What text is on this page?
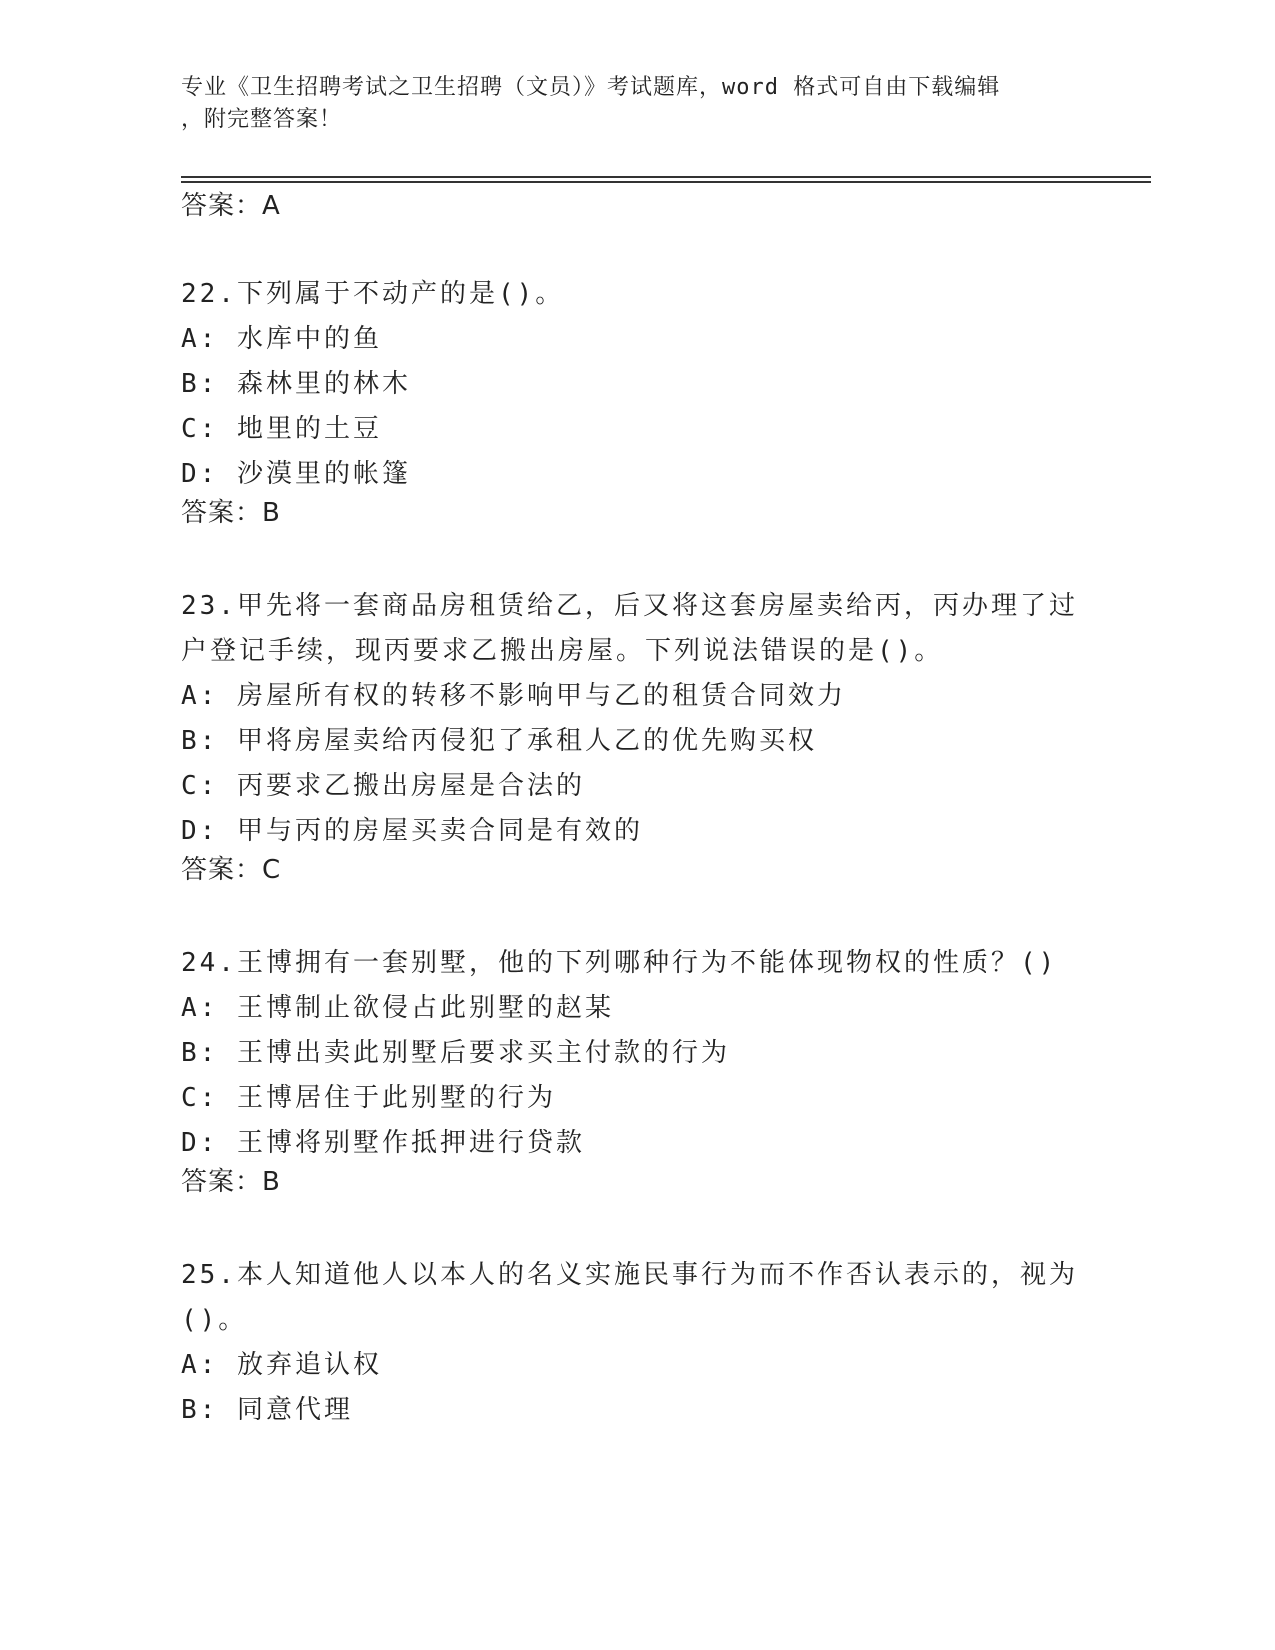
专业《卫生招聘考试之卫生招聘（文员）》考试题库，word 格式可自由下载编辑
，附完整答案！
答案：A
22.下列属于不动产的是()。
A: 水库中的鱼
B: 森林里的林木
C: 地里的土豆
D: 沙漠里的帐篷
答案：B
23.甲先将一套商品房租赁给乙，后又将这套房屋卖给丙，丙办理了过
户登记手续，现丙要求乙搬出房屋。下列说法错误的是()。
A: 房屋所有权的转移不影响甲与乙的租赁合同效力
B: 甲将房屋卖给丙侵犯了承租人乙的优先购买权
C: 丙要求乙搬出房屋是合法的
D: 甲与丙的房屋买卖合同是有效的
答案：C
24.王博拥有一套别墅，他的下列哪种行为不能体现物权的性质？()
A: 王博制止欲侵占此别墅的赵某
B: 王博出卖此别墅后要求买主付款的行为
C: 王博居住于此别墅的行为
D: 王博将别墅作抵押进行贷款
答案：B
25.本人知道他人以本人的名义实施民事行为而不作否认表示的，视为
()。
A: 放弃追认权
B: 同意代理
